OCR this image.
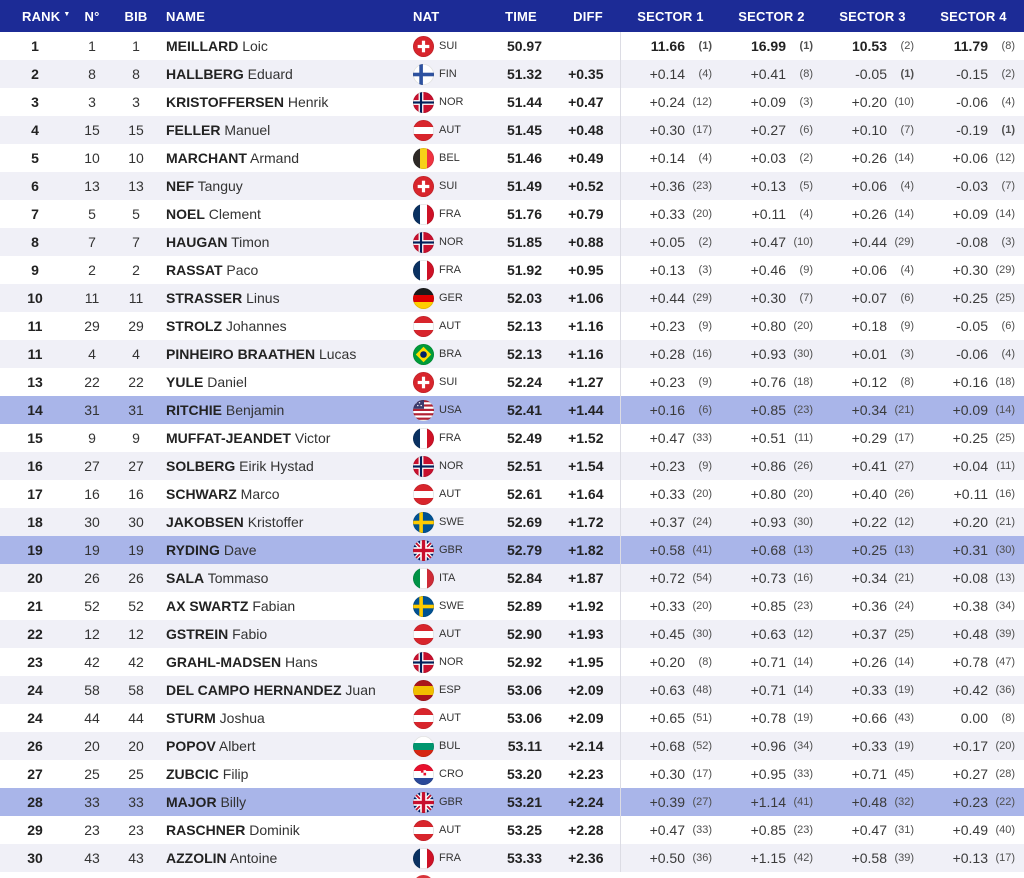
RANK ▼	N°	BIB	NAME	NAT	TIME	DIFF	SECTOR 1	SECTOR 2	SECTOR 3	SECTOR 4
1	1	1	MEILLARD Loic	SUI	50.97		11.66 (1)	16.99 (1)	10.53 (2)	11.79 (8)

2	8	8	HALLBERG Eduard	FIN	51.32	+0.35	+0.14 (4)	+0.41 (8)	-0.05 (1)	-0.15 (2)

3	3	3	KRISTOFFERSEN Henrik	NOR	51.44	+0.47	+0.24 (12)	+0.09 (3)	+0.20 (10)	-0.06 (4)

4	15	15	FELLER Manuel	AUT	51.45	+0.48	+0.30 (17)	+0.27 (6)	+0.10 (7)	-0.19 (1)

5	10	10	MARCHANT Armand	BEL	51.46	+0.49	+0.14 (4)	+0.03 (2)	+0.26 (14)	+0.06 (12)

6	13	13	NEF Tanguy	SUI	51.49	+0.52	+0.36 (23)	+0.13 (5)	+0.06 (4)	-0.03 (7)

7	5	5	NOEL Clement	FRA	51.76	+0.79	+0.33 (20)	+0.11 (4)	+0.26 (14)	+0.09 (14)

8	7	7	HAUGAN Timon	NOR	51.85	+0.88	+0.05 (2)	+0.47 (10)	+0.44 (29)	-0.08 (3)

9	2	2	RASSAT Paco	FRA	51.92	+0.95	+0.13 (3)	+0.46 (9)	+0.06 (4)	+0.30 (29)

10	11	11	STRASSER Linus	GER	52.03	+1.06	+0.44 (29)	+0.30 (7)	+0.07 (6)	+0.25 (25)

11	29	29	STROLZ Johannes	AUT	52.13	+1.16	+0.23 (9)	+0.80 (20)	+0.18 (9)	-0.05 (6)

11	4	4	PINHEIRO BRAATHEN Lucas	BRA	52.13	+1.16	+0.28 (16)	+0.93 (30)	+0.01 (3)	-0.06 (4)

13	22	22	YULE Daniel	SUI	52.24	+1.27	+0.23 (9)	+0.76 (18)	+0.12 (8)	+0.16 (18)

14	31	31	RITCHIE Benjamin	USA	52.41	+1.44	+0.16 (6)	+0.85 (23)	+0.34 (21)	+0.09 (14)

15	9	9	MUFFAT-JEANDET Victor	FRA	52.49	+1.52	+0.47 (33)	+0.51 (11)	+0.29 (17)	+0.25 (25)

16	27	27	SOLBERG Eirik Hystad	NOR	52.51	+1.54	+0.23 (9)	+0.86 (26)	+0.41 (27)	+0.04 (11)

17	16	16	SCHWARZ Marco	AUT	52.61	+1.64	+0.33 (20)	+0.80 (20)	+0.40 (26)	+0.11 (16)

18	30	30	JAKOBSEN Kristoffer	SWE	52.69	+1.72	+0.37 (24)	+0.93 (30)	+0.22 (12)	+0.20 (21)

19	19	19	RYDING Dave	GBR	52.79	+1.82	+0.58 (41)	+0.68 (13)	+0.25 (13)	+0.31 (30)

20	26	26	SALA Tommaso	ITA	52.84	+1.87	+0.72 (54)	+0.73 (16)	+0.34 (21)	+0.08 (13)

21	52	52	AX SWARTZ Fabian	SWE	52.89	+1.92	+0.33 (20)	+0.85 (23)	+0.36 (24)	+0.38 (34)

22	12	12	GSTREIN Fabio	AUT	52.90	+1.93	+0.45 (30)	+0.63 (12)	+0.37 (25)	+0.48 (39)

23	42	42	GRAHL-MADSEN Hans	NOR	52.92	+1.95	+0.20 (8)	+0.71 (14)	+0.26 (14)	+0.78 (47)

24	58	58	DEL CAMPO HERNANDEZ Juan	ESP	53.06	+2.09	+0.63 (48)	+0.71 (14)	+0.33 (19)	+0.42 (36)

24	44	44	STURM Joshua	AUT	53.06	+2.09	+0.65 (51)	+0.78 (19)	+0.66 (43)	0.00 (8)

26	20	20	POPOV Albert	BUL	53.11	+2.14	+0.68 (52)	+0.96 (34)	+0.33 (19)	+0.17 (20)

27	25	25	ZUBCIC Filip	CRO	53.20	+2.23	+0.30 (17)	+0.95 (33)	+0.71 (45)	+0.27 (28)

28	33	33	MAJOR Billy	GBR	53.21	+2.24	+0.39 (27)	+1.14 (41)	+0.48 (32)	+0.23 (22)

29	23	23	RASCHNER Dominik	AUT	53.25	+2.28	+0.47 (33)	+0.85 (23)	+0.47 (31)	+0.49 (40)

30	43	43	AZZOLIN Antoine	FRA	53.33	+2.36	+0.50 (36)	+1.15 (42)	+0.58 (39)	+0.13 (17)
